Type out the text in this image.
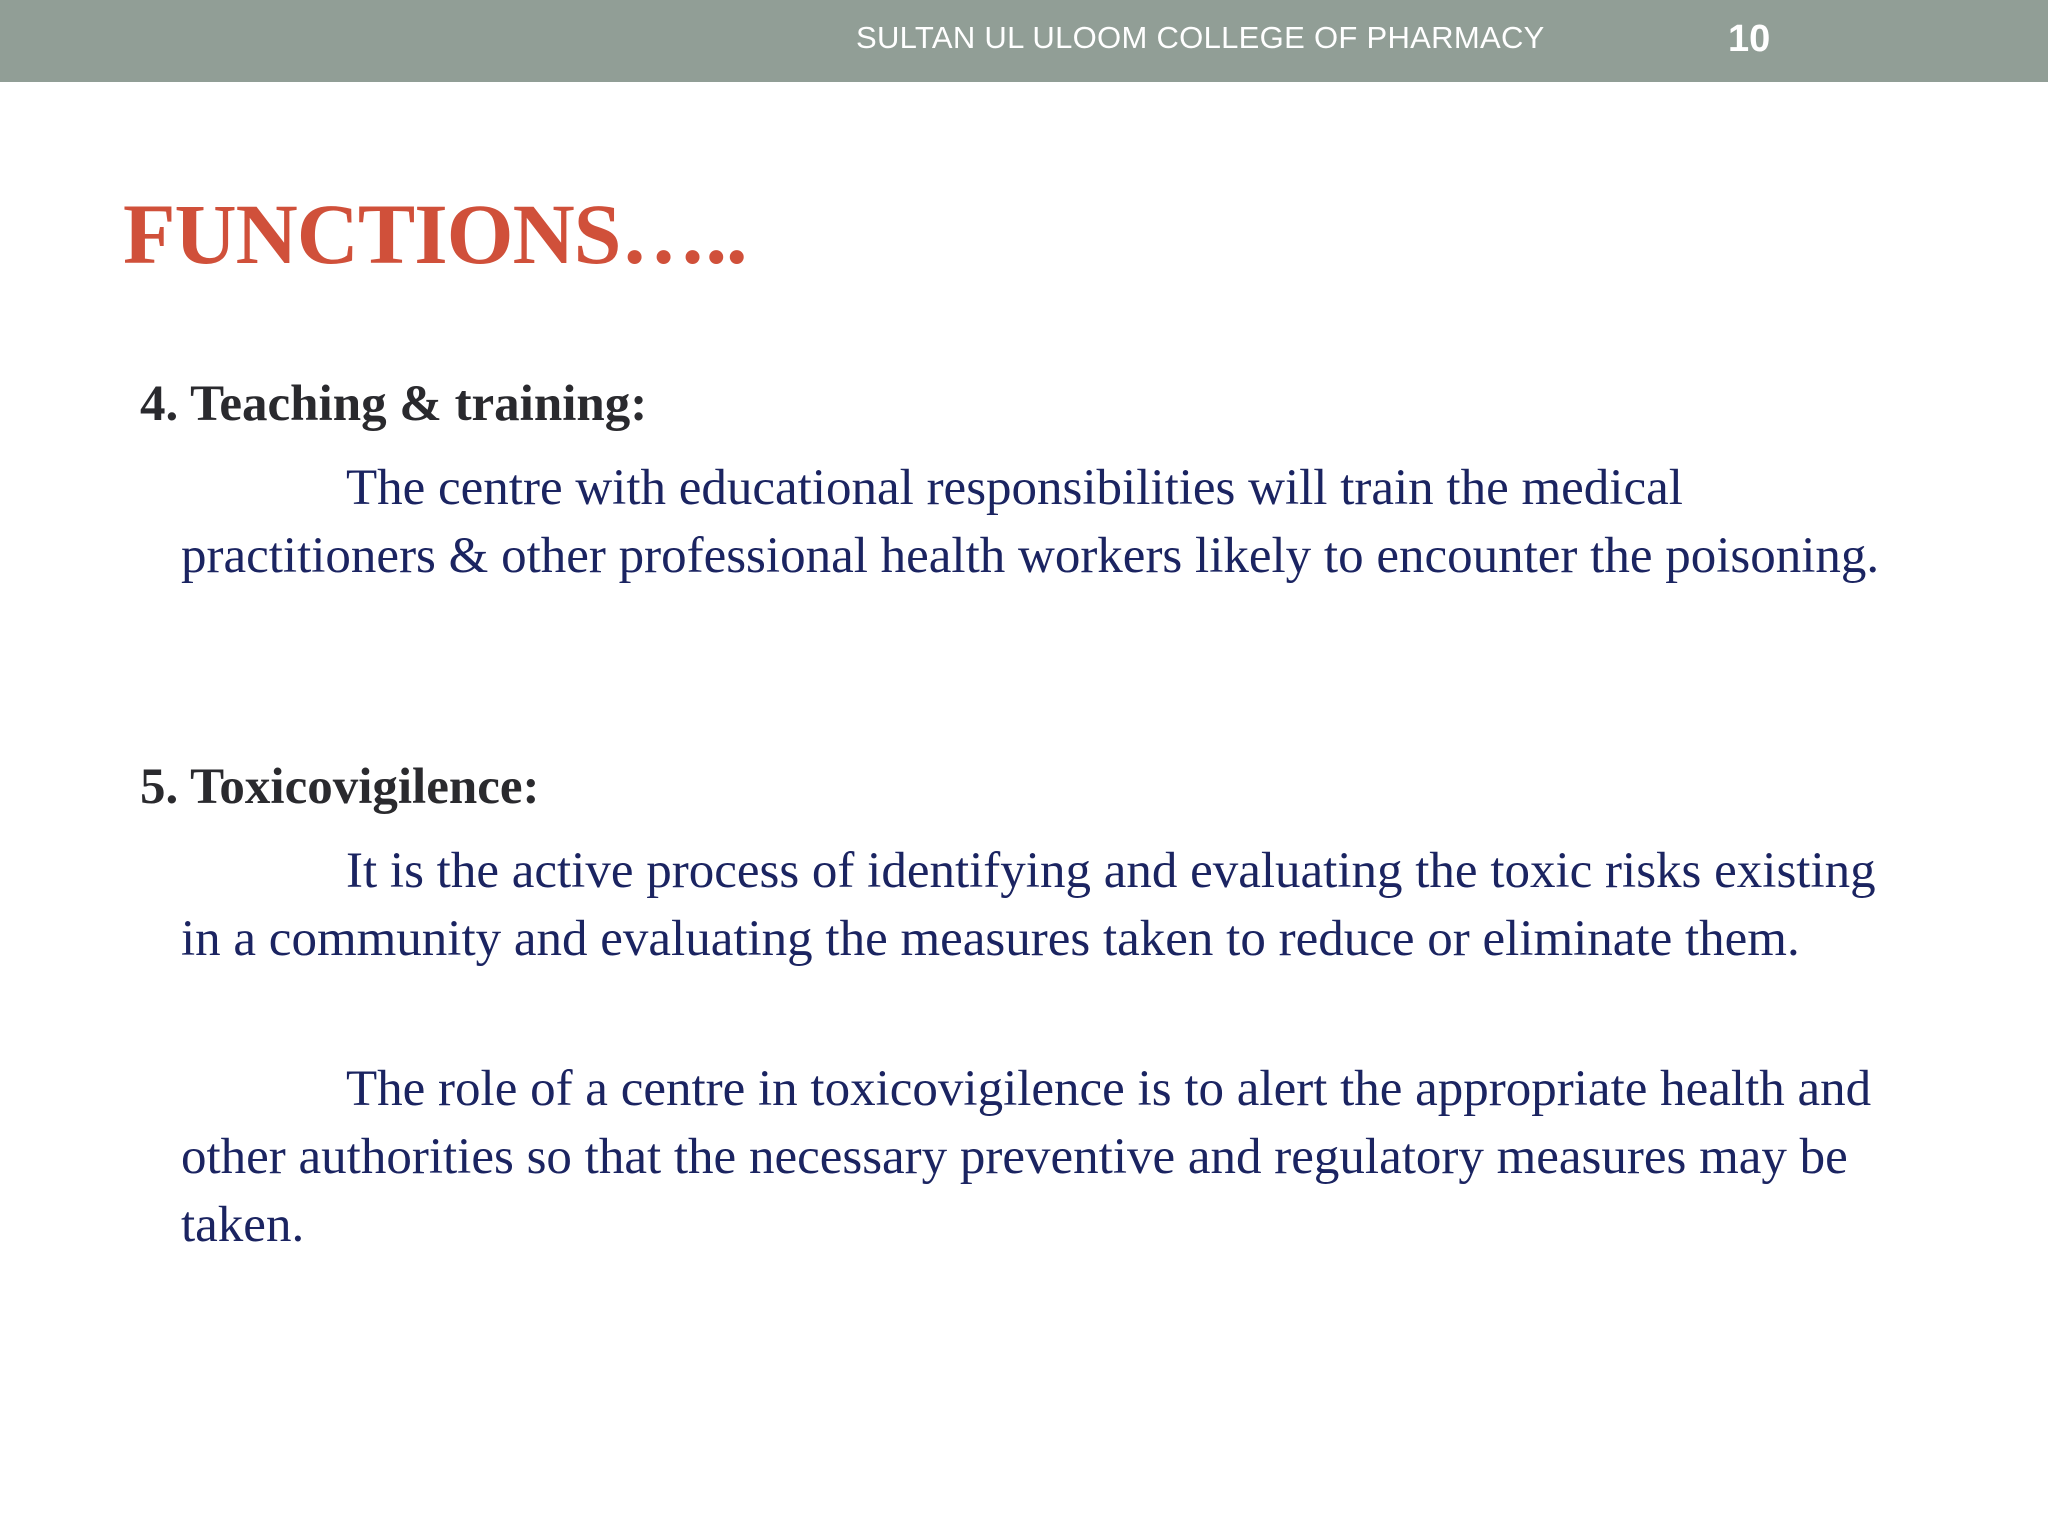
SULTAN UL ULOOM COLLEGE OF PHARMACY	10
FUNCTIONS…..
4. Teaching & training:

The centre with educational responsibilities will train the medical practitioners & other professional health workers likely to encounter the poisoning.

5. Toxicovigilence:

It is the active process of identifying and evaluating the toxic risks existing in a community and evaluating the measures taken to reduce or eliminate them.

The role of a centre in toxicovigilence is to alert the appropriate health and other authorities so that the necessary preventive and regulatory measures may be taken.
